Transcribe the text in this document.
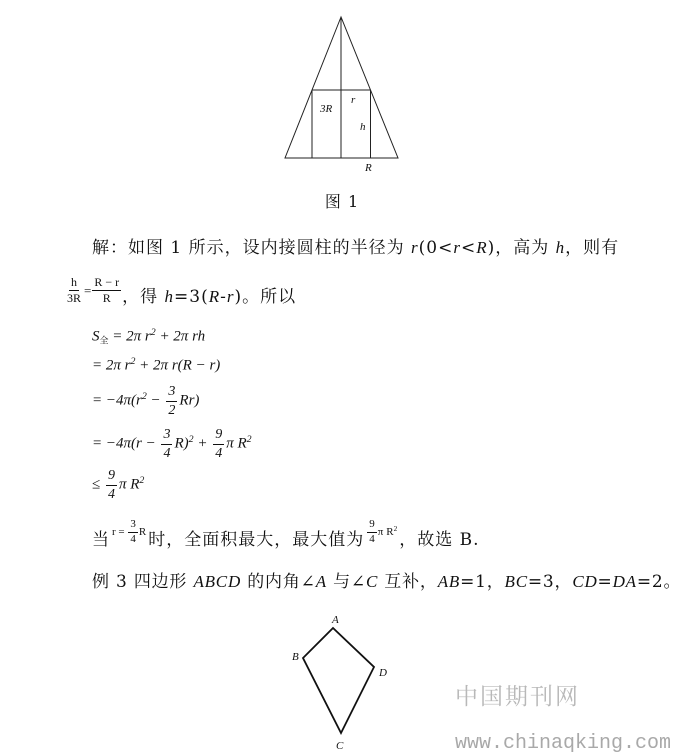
3R
r
h
R
图 1
解：如图 1 所示，设内接圆柱的半径为 r(0<r<R)，高为 h，则有
$\frac{h}{3R} ^= \frac{R - r}{R}$ ，得 h=3(R-r)。所以
$S_全 = 2\pi$ $r^2 + 2\pi$ rh
= 2π $r^2 + 2\pi$ r(R − r)
= $-4\pi(r^2 - \frac{3}{2} Rr)$
= $-4\pi(r - \frac{3}{4} R)^2 + \frac{9}{4}$ π $R^2$
≤ $\frac{9}{4}$ π $R^2$
当 $r = \frac{3}{4}$ R 时，全面积最大，最大值为 $\frac{9}{4}$ π $R^2$，故选 B.
例 3 四边形 ABCD 的内角∠A 与∠C 互补，AB=1，BC=3，CD=DA=2。
A
B
D
C
中国期刊网
www.chinaqking.com
